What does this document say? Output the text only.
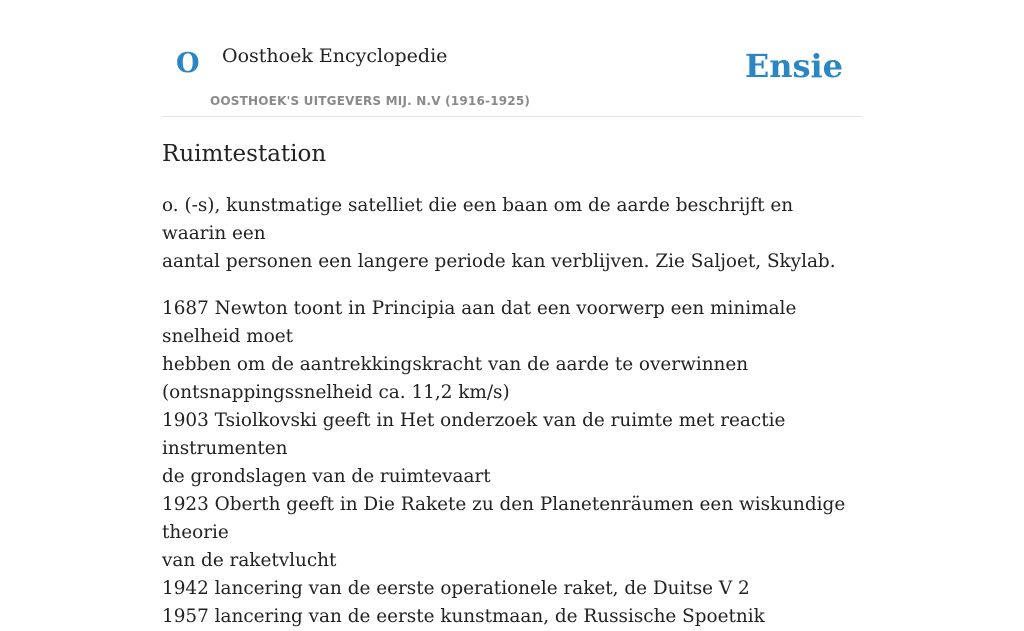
O Oosthoek Encyclopedie
OOSTHOEK'S UITGEVERS MIJ. N.V (1916-1925)
Ensie
Ruimtestation

o. (-s), kunstmatige satelliet die een baan om de aarde beschrijft en waarin een
aantal personen een langere periode kan verblijven. Zie Saljoet, Skylab.

1687 Newton toont in Principia aan dat een voorwerp een minimale snelheid moet
hebben om de aantrekkingskracht van de aarde te overwinnen
(ontsnappingssnelheid ca. 11,2 km/s)
1903 Tsiolkovski geeft in Het onderzoek van de ruimte met reactie instrumenten
de grondslagen van de ruimtevaart
1923 Oberth geeft in Die Rakete zu den Planetenräumen een wiskundige theorie
van de raketvlucht
1942 lancering van de eerste operationele raket, de Duitse V 2
1957 lancering van de eerste kunstmaan, de Russische Spoetnik
